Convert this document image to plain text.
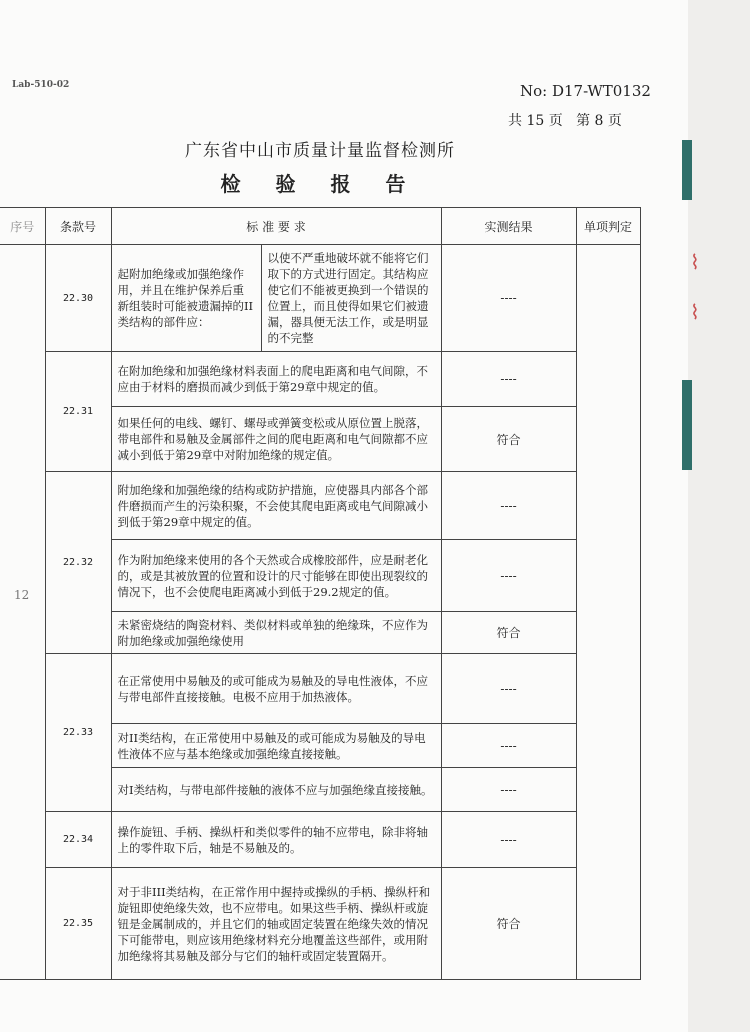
⌇
⌇
Lab-510-02	No: D17-WT0132
共 15 页   第 8 页
广东省中山市质量计量监督检测所
检 验 报 告
12
序号	条款号	标 准 要 求		实测结果	单项判定
	22.30	起附加绝缘或加强绝缘作用，并且在维护保养后重新组装时可能被遗漏掉的II类结构的部件应：	以使不严重地破坏就不能将它们取下的方式进行固定。其结构应使它们不能被更换到一个错误的位置上，而且使得如果它们被遗漏，器具便无法工作，或是明显的不完整	----	
	22.31	在附加绝缘和加强绝缘材料表面上的爬电距离和电气间隙，不应由于材料的磨损而减少到低于第29章中规定的值。		----	
		如果任何的电线、螺钉、螺母或弹簧变松或从原位置上脱落，带电部件和易触及金属部件之间的爬电距离和电气间隙都不应减小到低于第29章中对附加绝缘的规定值。		符合	
	22.32	附加绝缘和加强绝缘的结构或防护措施，应使器具内部各个部件磨损而产生的污染积聚，不会使其爬电距离或电气间隙减小到低于第29章中规定的值。		----	
		作为附加绝缘来使用的各个天然或合成橡胶部件，应是耐老化的，或是其被放置的位置和设计的尺寸能够在即使出现裂纹的情况下，也不会使爬电距离减小到低于29.2规定的值。		----	
		未紧密烧结的陶瓷材料、类似材料或单独的绝缘珠，不应作为附加绝缘或加强绝缘使用		符合	
	22.33	在正常使用中易触及的或可能成为易触及的导电性液体，不应与带电部件直接接触。电极不应用于加热液体。		----	
		对II类结构，在正常使用中易触及的或可能成为易触及的导电性液体不应与基本绝缘或加强绝缘直接接触。		----	
		对I类结构，与带电部件接触的液体不应与加强绝缘直接接触。		----	
	22.34	操作旋钮、手柄、操纵杆和类似零件的轴不应带电，除非将轴上的零件取下后，轴是不易触及的。		----	
	22.35	对于非III类结构，在正常作用中握持或操纵的手柄、操纵杆和旋钮即使绝缘失效，也不应带电。如果这些手柄、操纵杆或旋钮是金属制成的，并且它们的轴或固定装置在绝缘失效的情况下可能带电，则应该用绝缘材料充分地覆盖这些部件，或用附加绝缘将其易触及部分与它们的轴杆或固定装置隔开。		符合	
